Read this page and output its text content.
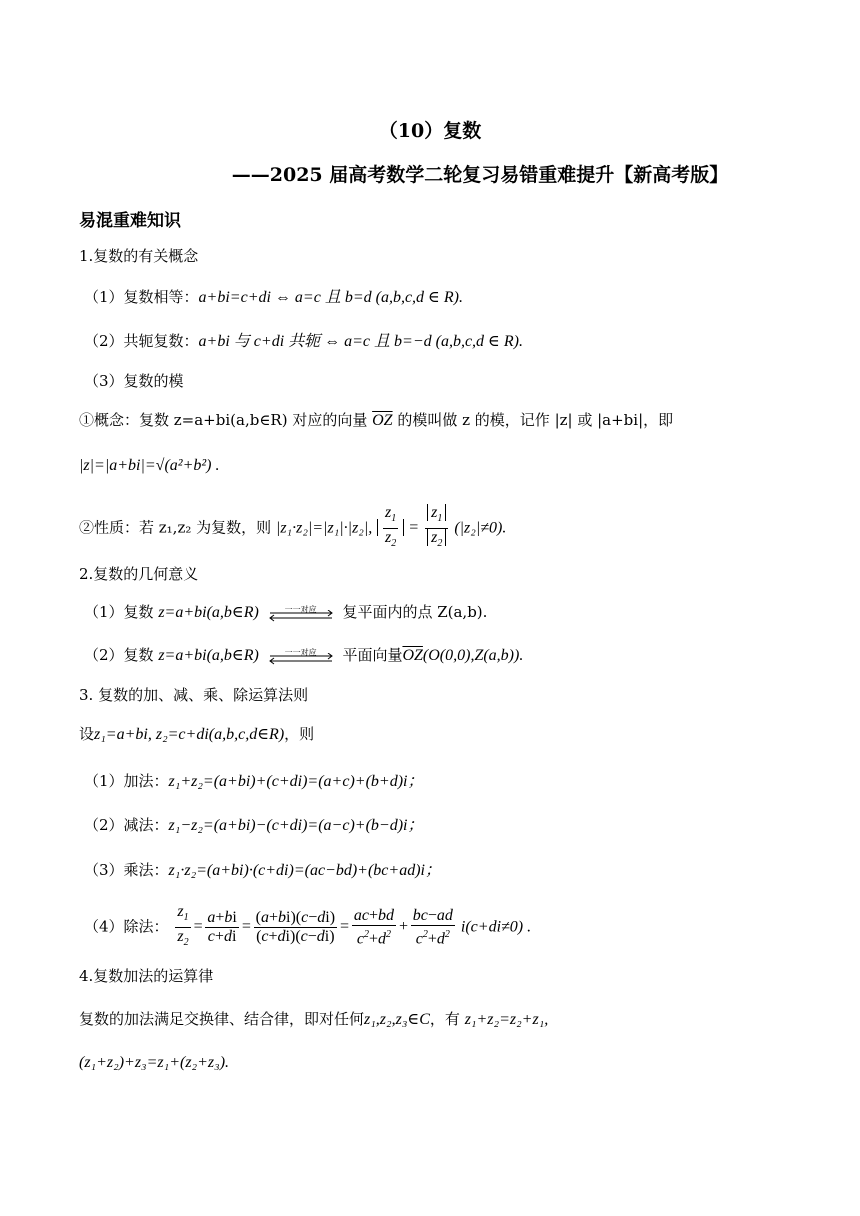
（10）复数
——2025 届高考数学二轮复习易错重难提升【新高考版】
易混重难知识
1.复数的有关概念
（1）复数相等：a+bi=c+di ⇔ a=c 且 b=d (a,b,c,d ∈ R).
（2）共轭复数：a+bi 与 c+di 共轭 ⇔ a=c 且 b=−d (a,b,c,d ∈ R).
（3）复数的模
①概念：复数 z=a+bi(a,b∈R) 对应的向量 $\overline{OZ}$ 的模叫做 z 的模，记作 |z| 或 |a+bi|，即
|z|=|a+bi|=√(a²+b²) .
②性质：若 z₁,z₂ 为复数，则 |z₁·z₂|=|z₁|·|z₂|, $\frac{z_1}{z_2} = \frac{z_1}{z_2} (|z_2|\ne 0)$.
2.复数的几何意义
（1）复数 z=a+bi(a,b∈R)	一一对应	复平面内的点 Z(a,b).
（2）复数 z=a+bi(a,b∈R)	一一对应	平面向量$\overline{OZ}(O(0,0),Z(a,b))$.
3. 复数的加、减、乘、除运算法则
设z₁=a+bi, z₂=c+di(a,b,c,d∈R)，则
（1）加法：z₁+z₂=(a+bi)+(c+di)=(a+c)+(b+d)i；
（2）减法：z₁−z₂=(a+bi)−(c+di)=(a−c)+(b−d)i；
（3）乘法：z₁·z₂=(a+bi)·(c+di)=(ac−bd)+(bc+ad)i；
（4）除法： $\frac{z_1}{z_2} = \frac{a+bi}{c+di} = \frac{(a+bi)(c-di)}{(c+di)(c-di)} = \frac{ac+bd}{c^2+d^2} + \frac{bc-ad}{c^2+d^2} i(c+di\ne 0)$ .
4.复数加法的运算律
复数的加法满足交换律、结合律，即对任何z₁,z₂,z₃∈C，有 z₁+z₂=z₂+z₁,
(z₁+z₂)+z₃=z₁+(z₂+z₃).
